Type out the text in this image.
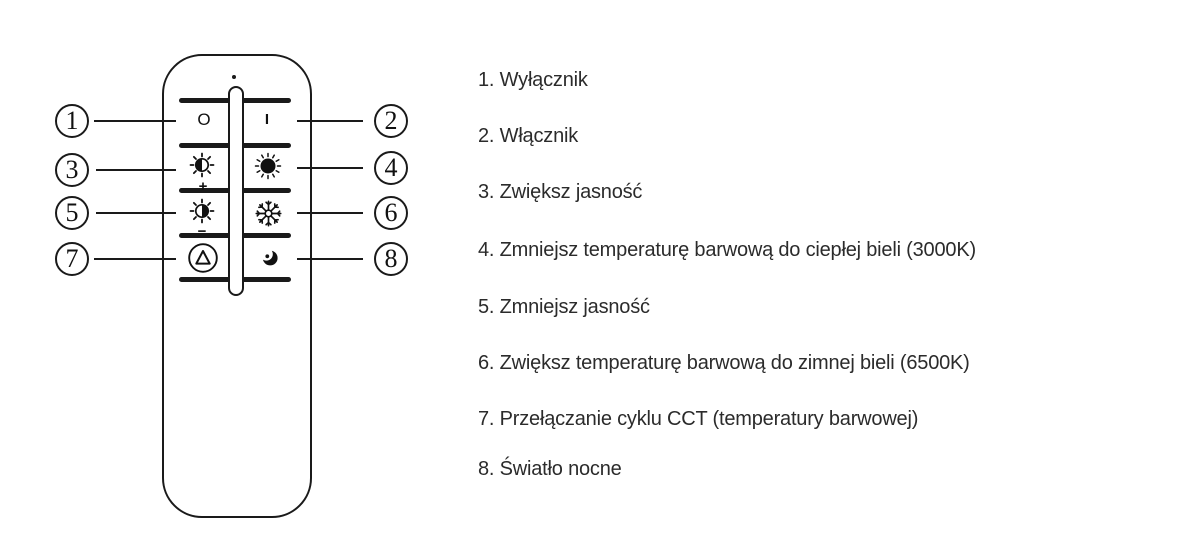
O	I
+
−
1
3
5
7
2
4
6
8
1. Wyłącznik
2. Włącznik
3. Zwiększ jasność
4. Zmniejsz temperaturę barwową do ciepłej bieli (3000K)
5. Zmniejsz jasność
6. Zwiększ temperaturę barwową do zimnej bieli (6500K)
7. Przełączanie cyklu CCT (temperatury barwowej)
8. Światło nocne
